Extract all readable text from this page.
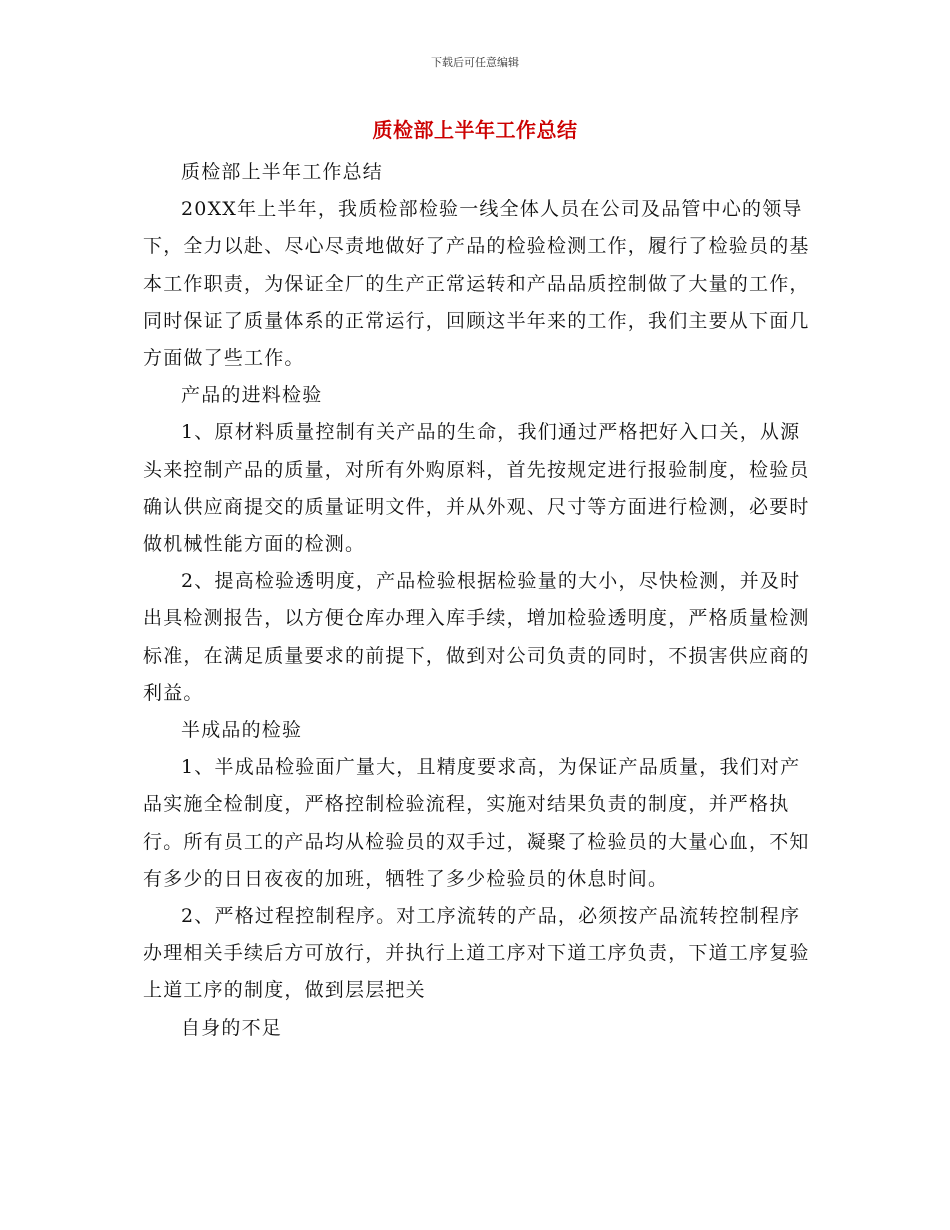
下载后可任意编辑
质检部上半年工作总结

质检部上半年工作总结

20XX年上半年，我质检部检验一线全体人员在公司及品管中心的领导下，全力以赴、尽心尽责地做好了产品的检验检测工作，履行了检验员的基本工作职责，为保证全厂的生产正常运转和产品品质控制做了大量的工作，同时保证了质量体系的正常运行，回顾这半年来的工作，我们主要从下面几方面做了些工作。

产品的进料检验

1、原材料质量控制有关产品的生命，我们通过严格把好入口关，从源头来控制产品的质量，对所有外购原料，首先按规定进行报验制度，检验员确认供应商提交的质量证明文件，并从外观、尺寸等方面进行检测，必要时做机械性能方面的检测。

2、提高检验透明度，产品检验根据检验量的大小，尽快检测，并及时出具检测报告，以方便仓库办理入库手续，增加检验透明度，严格质量检测标准，在满足质量要求的前提下，做到对公司负责的同时，不损害供应商的利益。

半成品的检验

1、半成品检验面广量大，且精度要求高，为保证产品质量，我们对产品实施全检制度，严格控制检验流程，实施对结果负责的制度，并严格执行。所有员工的产品均从检验员的双手过，凝聚了检验员的大量心血，不知有多少的日日夜夜的加班，牺牲了多少检验员的休息时间。

2、严格过程控制程序。对工序流转的产品，必须按产品流转控制程序办理相关手续后方可放行，并执行上道工序对下道工序负责，下道工序复验上道工序的制度，做到层层把关

自身的不足
